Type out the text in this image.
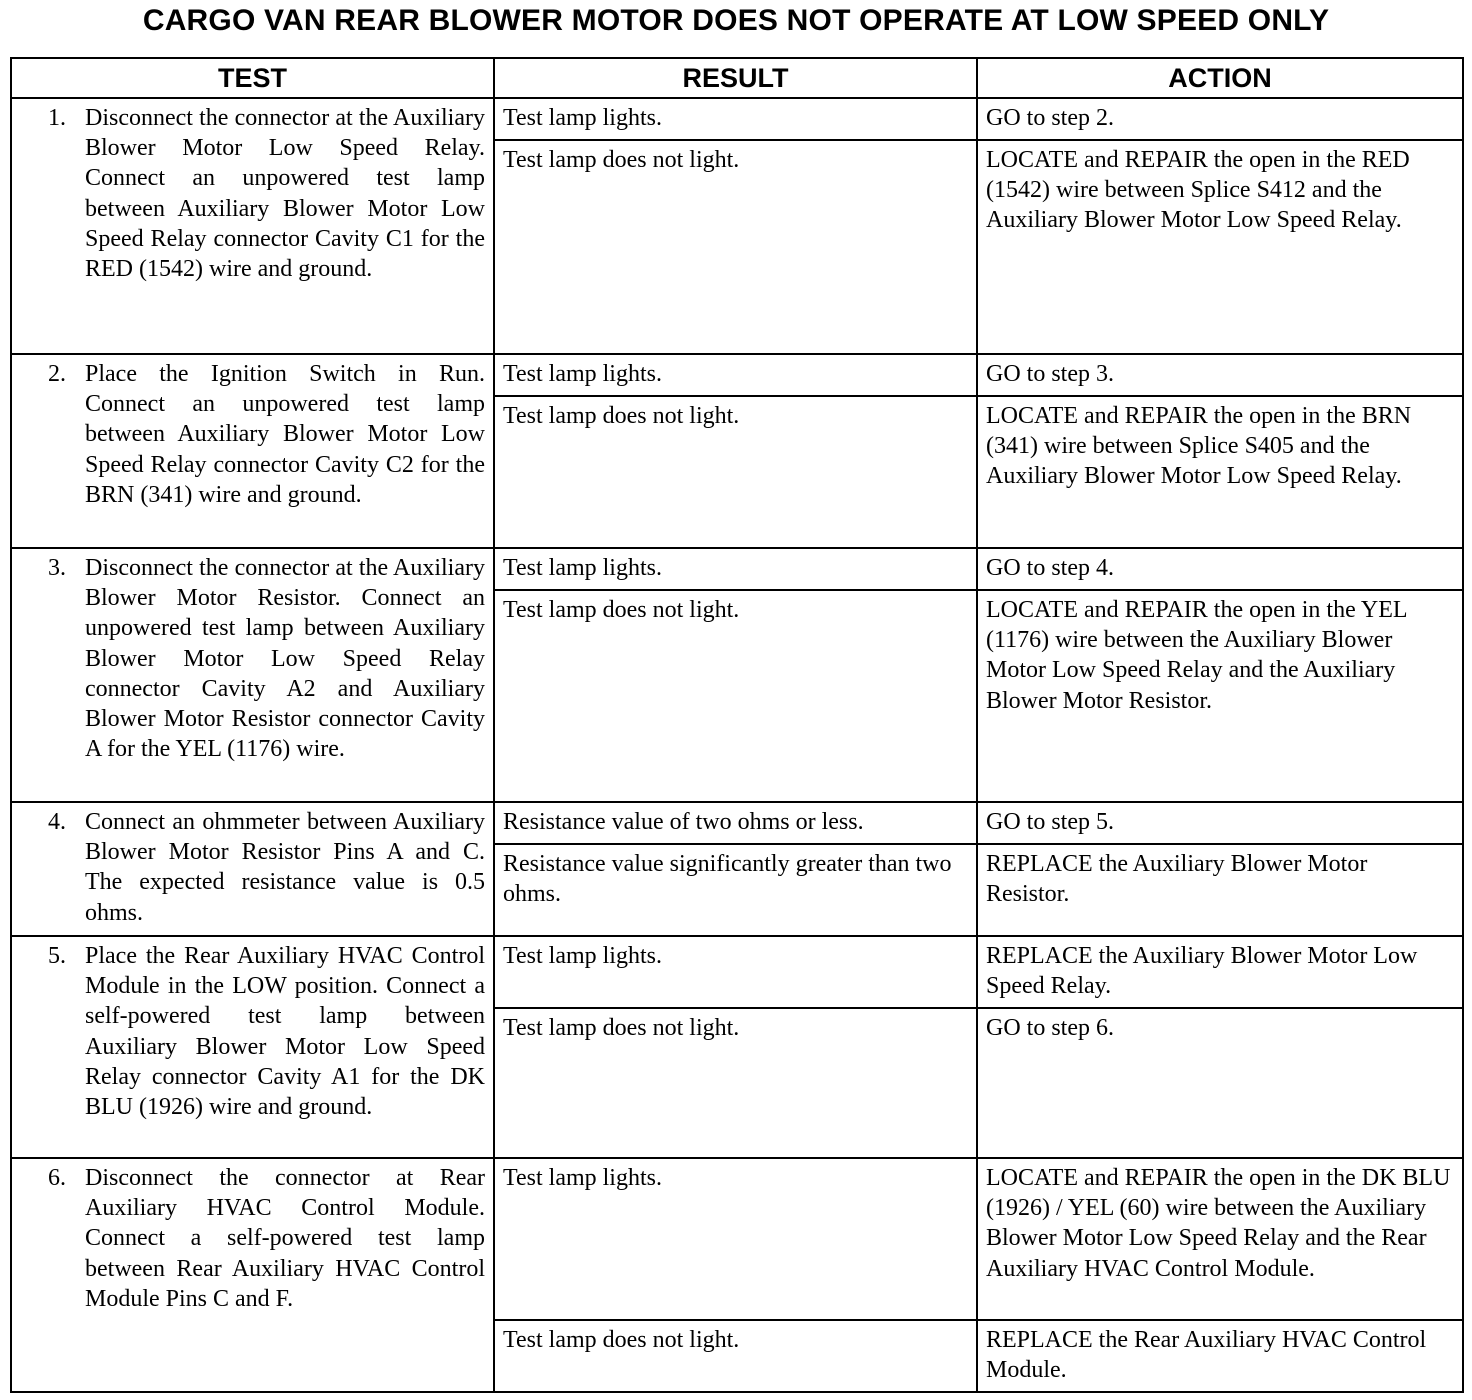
CARGO VAN REAR BLOWER MOTOR DOES NOT OPERATE AT LOW SPEED ONLY
TEST	RESULT	ACTION

1. Disconnect the connector at the Auxiliary Blower Motor Low Speed Relay. Connect an unpowered test lamp between Auxiliary Blower Motor Low Speed Relay connector Cavity C1 for the RED (1542) wire and ground.	Test lamp lights.	GO to step 2.
	Test lamp does not light.	LOCATE and REPAIR the open in the RED (1542) wire between Splice S412 and the Auxiliary Blower Motor Low Speed Relay.

2. Place the Ignition Switch in Run. Connect an unpowered test lamp between Auxiliary Blower Motor Low Speed Relay connector Cavity C2 for the BRN (341) wire and ground.	Test lamp lights.	GO to step 3.
	Test lamp does not light.	LOCATE and REPAIR the open in the BRN (341) wire between Splice S405 and the Auxiliary Blower Motor Low Speed Relay.

3. Disconnect the connector at the Auxiliary Blower Motor Resistor. Connect an unpowered test lamp between Auxiliary Blower Motor Low Speed Relay connector Cavity A2 and Auxiliary Blower Motor Resistor connector Cavity A for the YEL (1176) wire.	Test lamp lights.	GO to step 4.
	Test lamp does not light.	LOCATE and REPAIR the open in the YEL (1176) wire between the Auxiliary Blower Motor Low Speed Relay and the Auxiliary Blower Motor Resistor.

4. Connect an ohmmeter between Auxiliary Blower Motor Resistor Pins A and C. The expected resistance value is 0.5 ohms.	Resistance value of two ohms or less.	GO to step 5.
	Resistance value significantly greater than two ohms.	REPLACE the Auxiliary Blower Motor Resistor.

5. Place the Rear Auxiliary HVAC Control Module in the LOW position. Connect a self-powered test lamp between Auxiliary Blower Motor Low Speed Relay connector Cavity A1 for the DK BLU (1926) wire and ground.	Test lamp lights.	REPLACE the Auxiliary Blower Motor Low Speed Relay.
	Test lamp does not light.	GO to step 6.

6. Disconnect the connector at Rear Auxiliary HVAC Control Module. Connect a self-powered test lamp between Rear Auxiliary HVAC Control Module Pins C and F.	Test lamp lights.	LOCATE and REPAIR the open in the DK BLU (1926) / YEL (60) wire between the Auxiliary Blower Motor Low Speed Relay and the Rear Auxiliary HVAC Control Module.
	Test lamp does not light.	REPLACE the Rear Auxiliary HVAC Control Module.
